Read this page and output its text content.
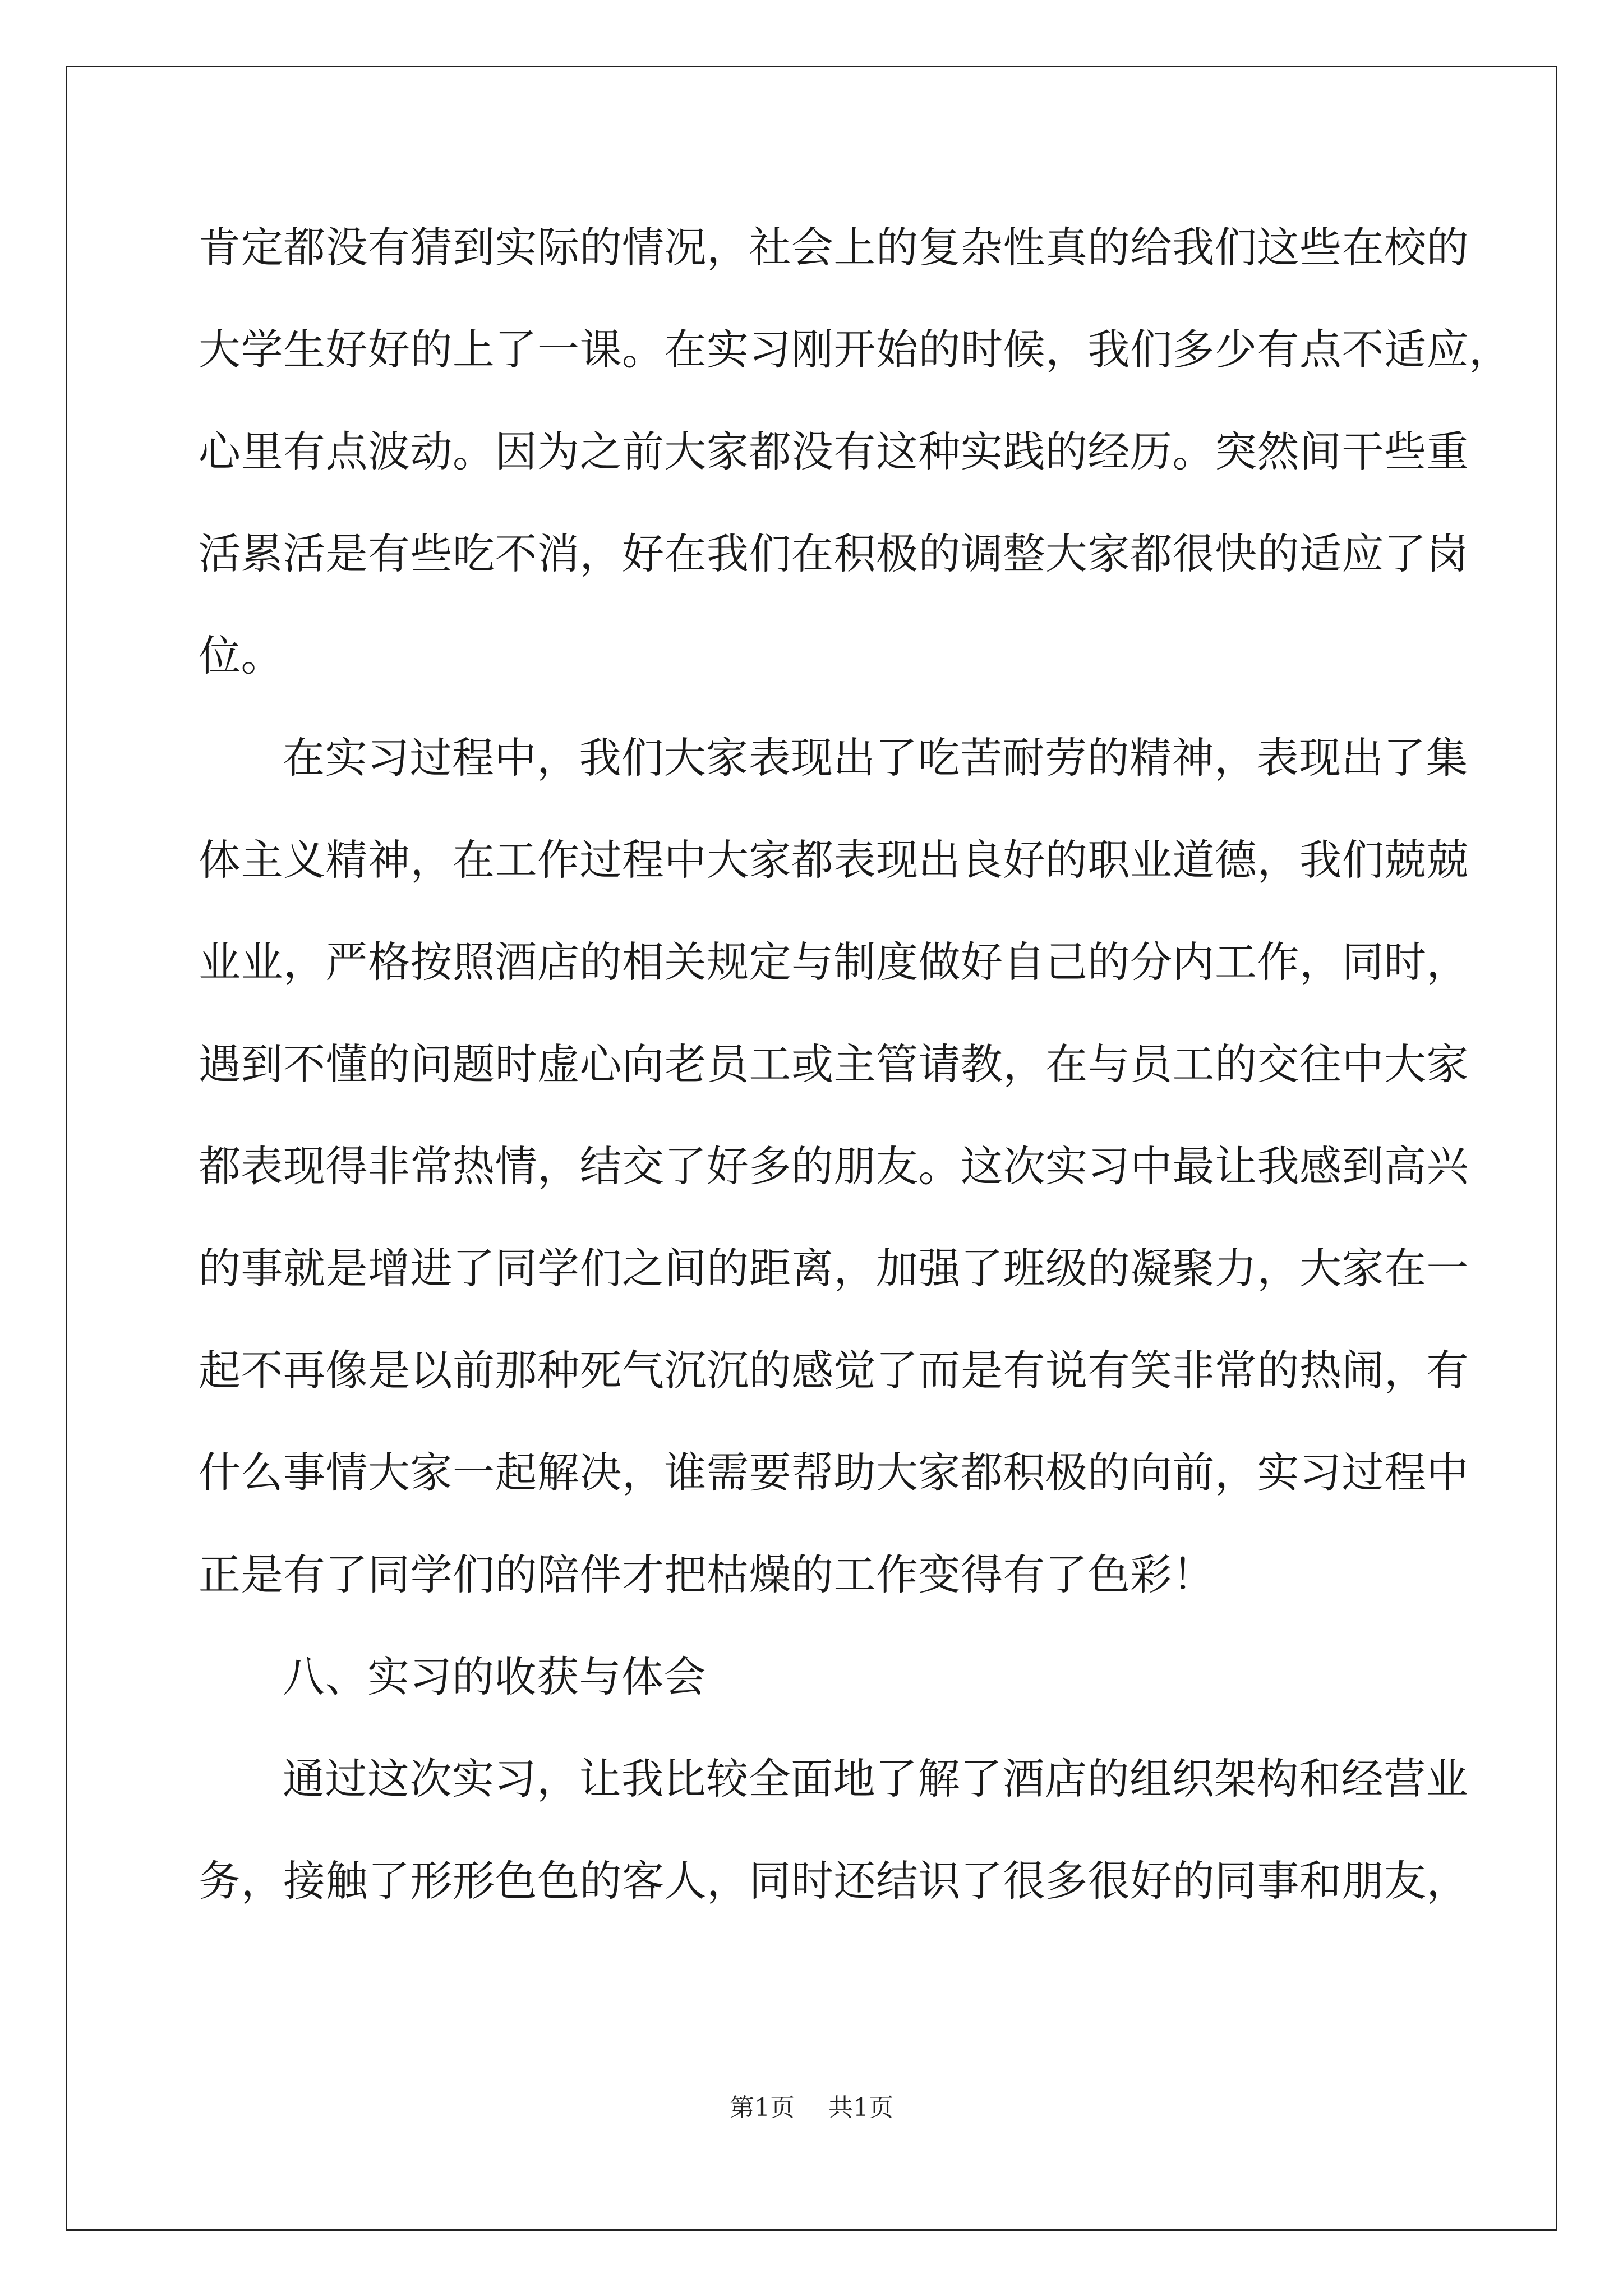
肯定都没有猜到实际的情况，社会上的复杂性真的给我们这些在校的
大学生好好的上了一课。在实习刚开始的时候，我们多少有点不适应，
心里有点波动。因为之前大家都没有这种实践的经历。突然间干些重
活累活是有些吃不消，好在我们在积极的调整大家都很快的适应了岗
位。
在实习过程中，我们大家表现出了吃苦耐劳的精神，表现出了集
体主义精神，在工作过程中大家都表现出良好的职业道德，我们兢兢
业业，严格按照酒店的相关规定与制度做好自己的分内工作，同时，
遇到不懂的问题时虚心向老员工或主管请教，在与员工的交往中大家
都表现得非常热情，结交了好多的朋友。这次实习中最让我感到高兴
的事就是增进了同学们之间的距离，加强了班级的凝聚力，大家在一
起不再像是以前那种死气沉沉的感觉了而是有说有笑非常的热闹，有
什么事情大家一起解决，谁需要帮助大家都积极的向前，实习过程中
正是有了同学们的陪伴才把枯燥的工作变得有了色彩！
八、实习的收获与体会
通过这次实习，让我比较全面地了解了酒店的组织架构和经营业
务，接触了形形色色的客人，同时还结识了很多很好的同事和朋友，
第1页 共1页
